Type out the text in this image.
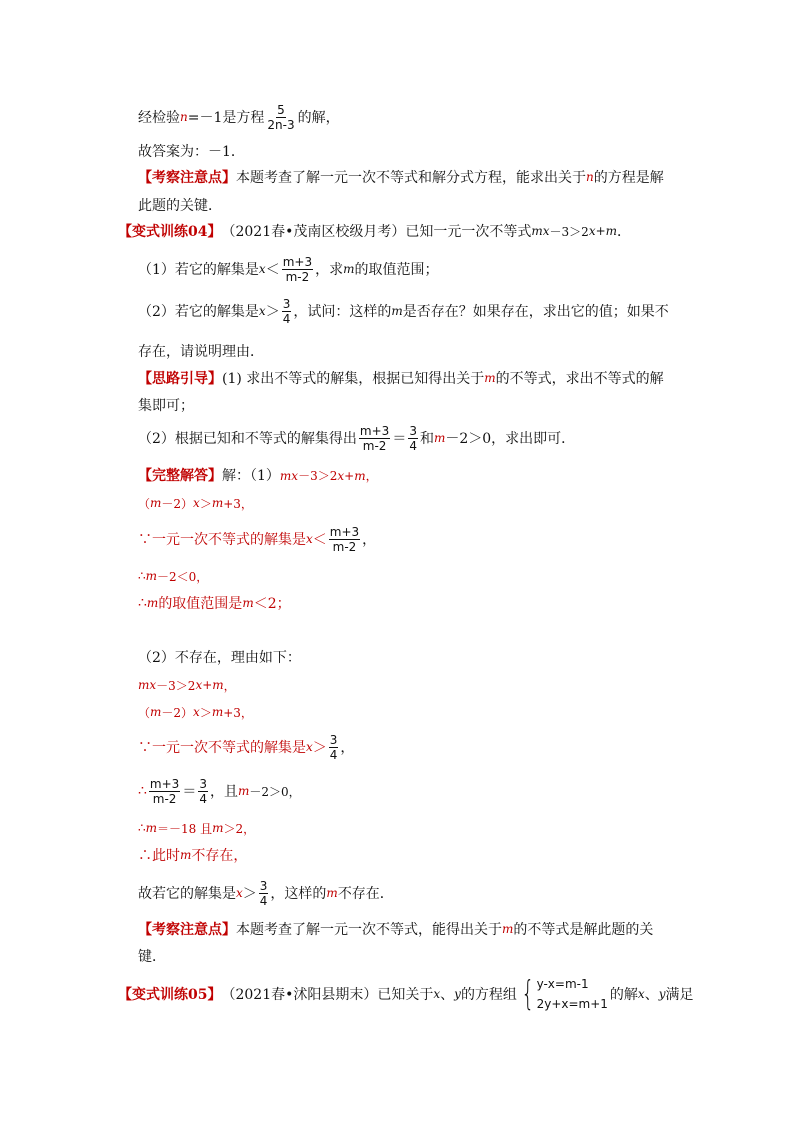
经检验 n =－1是方程 $\frac{5}{2n-3}$ 的解，
故答案为：－1．
【考察注意点】 本题考查了解一元一次不等式和解分式方程，能求出关于 n 的方程是解
此题的关键．
【变式训练04】 （2021春•茂南区校级月考）已知一元一次不等式 mx －3＞2 x + m ．
（1）若它的解集是 $x < \frac{m+3}{m-2}$ ，求 m 的取值范围；
（2）若它的解集是 $x > \frac{3}{4}$ ，试问：这样的 m 是否存在？如果存在，求出它的值；如果不
存在，请说明理由．
【思路引导】 (1) 求出不等式的解集，根据已知得出关于 m 的不等式，求出不等式的解
集即可；
（2）根据已知和不等式的解集得出 $\frac{m+3}{m-2} = \frac{3}{4}$ 和 m －2＞0，求出即可．
【完整解答】 解：（1） mx－3＞2x+m，
（ m －2） x ＞ m +3，
∵一元一次不等式的解集是 $x < \frac{m+3}{m-2}$ ，
∴ m －2＜0，
∴ m 的取值范围是 m ＜2；
（2）不存在，理由如下：
mx －3＞2 x + m ，
（ m －2） x ＞ m +3，
∵一元一次不等式的解集是 $x > \frac{3}{4}$ ，
∴ $\frac{m+3}{m-2} = \frac{3}{4}$ ，且 m －2＞0，
∴ m ＝－18 且 m ＞2，
∴此时 m 不存在，
故若它的解集是 $x > \frac{3}{4}$ ，这样的 m 不存在．
【考察注意点】 本题考查了解一元一次不等式，能得出关于 m 的不等式是解此题的关
键．
【变式训练05】 （2021春•沭阳县期末）已知关于 x 、 y 的方程组 { y-x=m-1
2y+x=m+1
的解 x 、 y 满足
